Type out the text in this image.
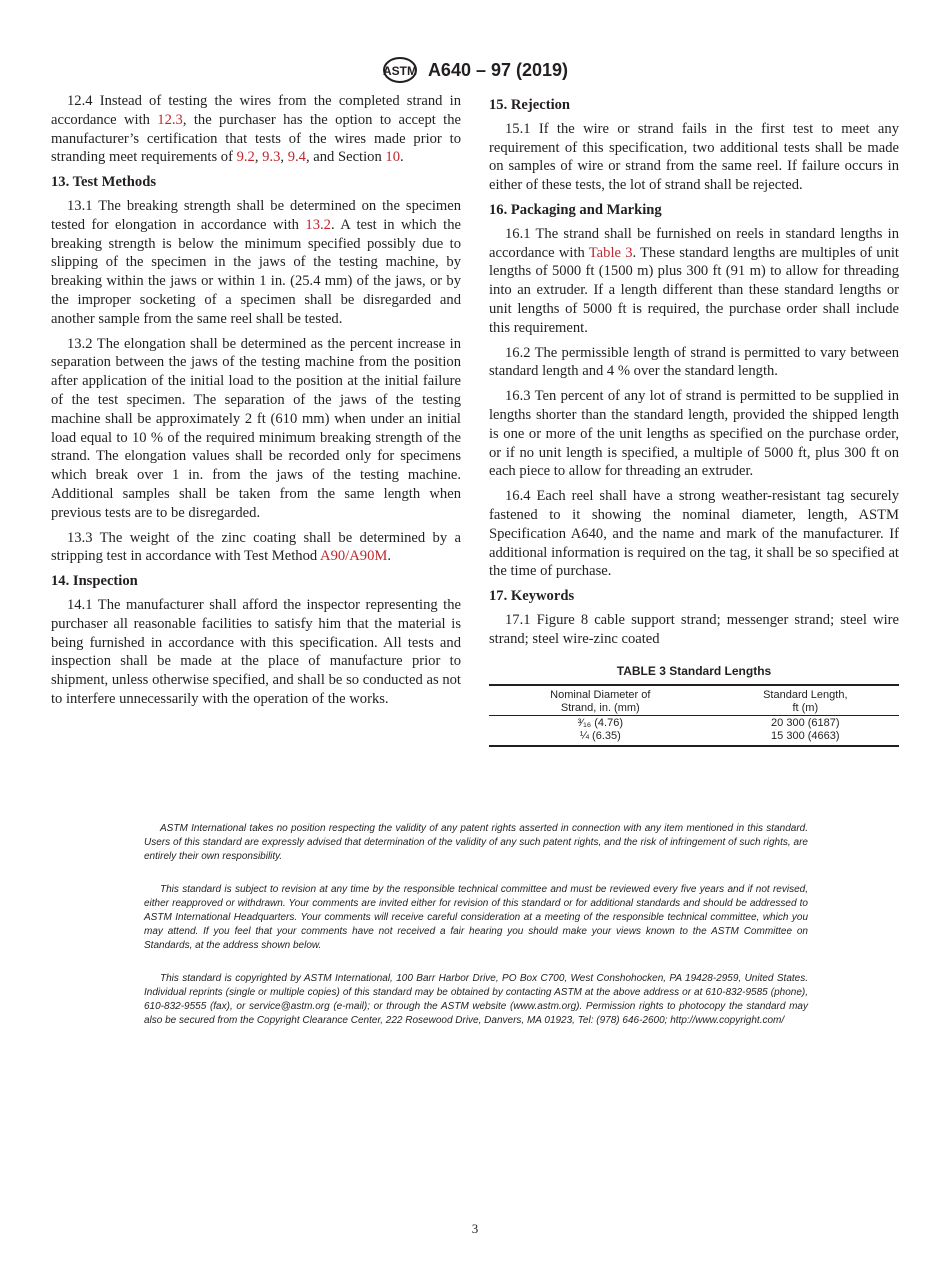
ASTM A640 – 97 (2019)

12.4 Instead of testing the wires from the completed strand in accordance with 12.3, the purchaser has the option to accept the manufacturer’s certification that tests of the wires made prior to stranding meet requirements of 9.2, 9.3, 9.4, and Section 10.

13. Test Methods

13.1 The breaking strength shall be determined on the specimen tested for elongation in accordance with 13.2. A test in which the breaking strength is below the minimum specified possibly due to slipping of the specimen in the jaws of the testing machine, by breaking within the jaws or within 1 in. (25.4 mm) of the jaws, or by the improper socketing of a specimen shall be disregarded and another sample from the same reel shall be tested.

13.2 The elongation shall be determined as the percent increase in separation between the jaws of the testing machine from the position after application of the initial load to the position at the initial failure of the test specimen. The separation of the jaws of the testing machine shall be approximately 2 ft (610 mm) when under an initial load equal to 10 % of the required minimum breaking strength of the strand. The elongation values shall be recorded only for specimens which break over 1 in. from the jaws of the testing machine. Additional samples shall be taken from the same length when previous tests are to be disregarded.

13.3 The weight of the zinc coating shall be determined by a stripping test in accordance with Test Method A90/A90M.

14. Inspection

14.1 The manufacturer shall afford the inspector representing the purchaser all reasonable facilities to satisfy him that the material is being furnished in accordance with this specification. All tests and inspection shall be made at the place of manufacture prior to shipment, unless otherwise specified, and shall be so conducted as not to interfere unnecessarily with the operation of the works.

15. Rejection

15.1 If the wire or strand fails in the first test to meet any requirement of this specification, two additional tests shall be made on samples of wire or strand from the same reel. If failure occurs in either of these tests, the lot of strand shall be rejected.

16. Packaging and Marking

16.1 The strand shall be furnished on reels in standard lengths in accordance with Table 3. These standard lengths are multiples of unit lengths of 5000 ft (1500 m) plus 300 ft (91 m) to allow for threading into an extruder. If a length different than these standard lengths or unit lengths of 5000 ft is required, the purchase order shall include this requirement.

16.2 The permissible length of strand is permitted to vary between standard length and 4 % over the standard length.

16.3 Ten percent of any lot of strand is permitted to be supplied in lengths shorter than the standard length, provided the shipped length is one or more of the unit lengths as specified on the purchase order, or if no unit length is specified, a multiple of 5000 ft, plus 300 ft on each piece to allow for threading an extruder.

16.4 Each reel shall have a strong weather-resistant tag securely fastened to it showing the nominal diameter, length, ASTM Specification A640, and the name and mark of the manufacturer. If additional information is required on the tag, it shall be so specified at the time of purchase.

17. Keywords

17.1 Figure 8 cable support strand; messenger strand; steel wire strand; steel wire-zinc coated

TABLE 3 Standard Lengths
Nominal Diameter of
Strand, in. (mm)	Standard Length,
ft (m)
³⁄₁₆ (4.76)	20 300 (6187)
¼ (6.35)	15 300 (4663)

ASTM International takes no position respecting the validity of any patent rights asserted in connection with any item mentioned in this standard. Users of this standard are expressly advised that determination of the validity of any such patent rights, and the risk of infringement of such rights, are entirely their own responsibility.

This standard is subject to revision at any time by the responsible technical committee and must be reviewed every five years and if not revised, either reapproved or withdrawn. Your comments are invited either for revision of this standard or for additional standards and should be addressed to ASTM International Headquarters. Your comments will receive careful consideration at a meeting of the responsible technical committee, which you may attend. If you feel that your comments have not received a fair hearing you should make your views known to the ASTM Committee on Standards, at the address shown below.

This standard is copyrighted by ASTM International, 100 Barr Harbor Drive, PO Box C700, West Conshohocken, PA 19428-2959, United States. Individual reprints (single or multiple copies) of this standard may be obtained by contacting ASTM at the above address or at 610-832-9585 (phone), 610-832-9555 (fax), or service@astm.org (e-mail); or through the ASTM website (www.astm.org). Permission rights to photocopy the standard may also be secured from the Copyright Clearance Center, 222 Rosewood Drive, Danvers, MA 01923, Tel: (978) 646-2600; http://www.copyright.com/

3
